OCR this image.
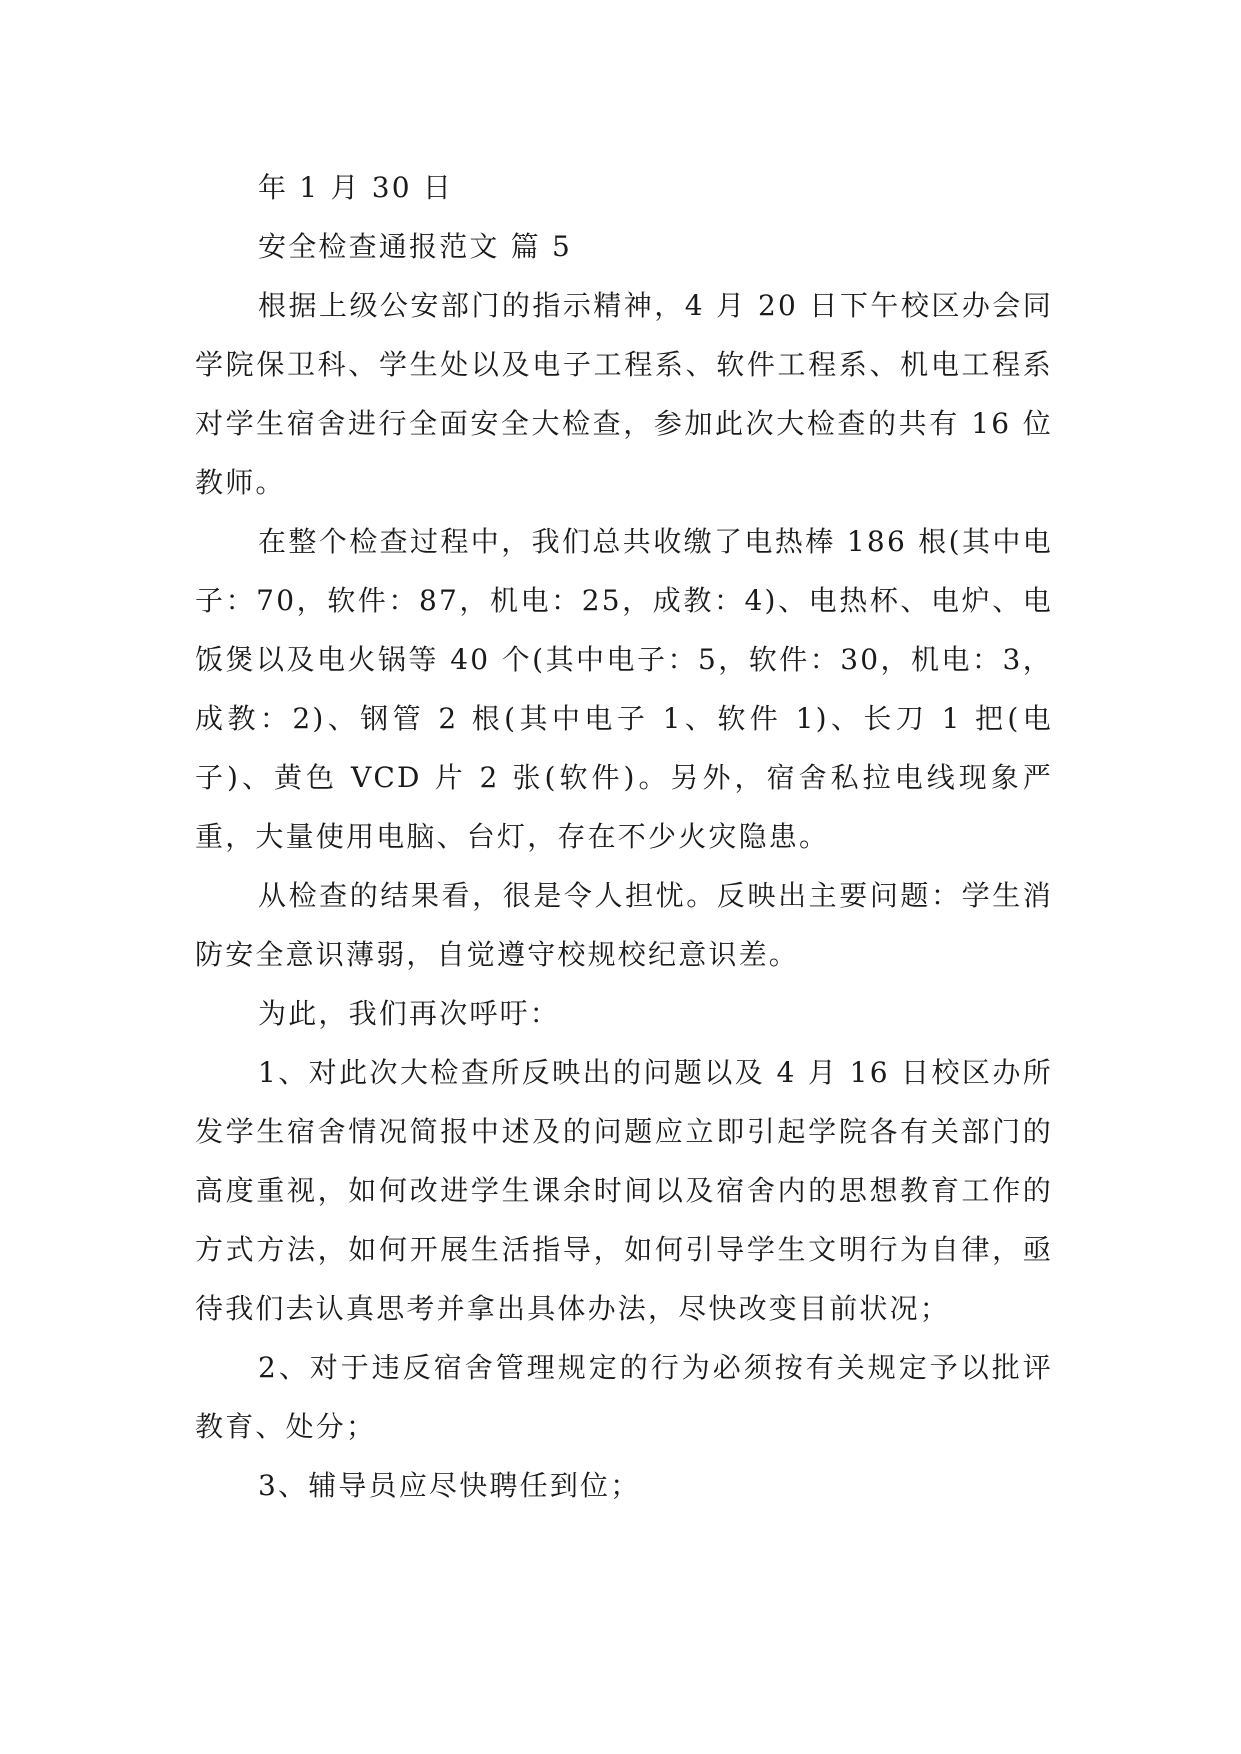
年 1 月 30 日

安全检查通报范文 篇 5

根据上级公安部门的指示精神，4 月 20 日下午校区办会同学院保卫科、学生处以及电子工程系、软件工程系、机电工程系对学生宿舍进行全面安全大检查，参加此次大检查的共有 16 位教师。

在整个检查过程中，我们总共收缴了电热棒 186 根(其中电子：70，软件：87，机电：25，成教：4)、电热杯、电炉、电饭煲以及电火锅等 40 个(其中电子：5，软件：30，机电：3，成教：2)、钢管 2 根(其中电子 1、软件 1)、长刀 1 把(电子)、黄色 VCD 片 2 张(软件)。另外，宿舍私拉电线现象严重，大量使用电脑、台灯，存在不少火灾隐患。

从检查的结果看，很是令人担忧。反映出主要问题：学生消防安全意识薄弱，自觉遵守校规校纪意识差。

为此，我们再次呼吁：

1、对此次大检查所反映出的问题以及 4 月 16 日校区办所发学生宿舍情况简报中述及的问题应立即引起学院各有关部门的高度重视，如何改进学生课余时间以及宿舍内的思想教育工作的方式方法，如何开展生活指导，如何引导学生文明行为自律，亟待我们去认真思考并拿出具体办法，尽快改变目前状况；

2、对于违反宿舍管理规定的行为必须按有关规定予以批评教育、处分；

3、辅导员应尽快聘任到位；
